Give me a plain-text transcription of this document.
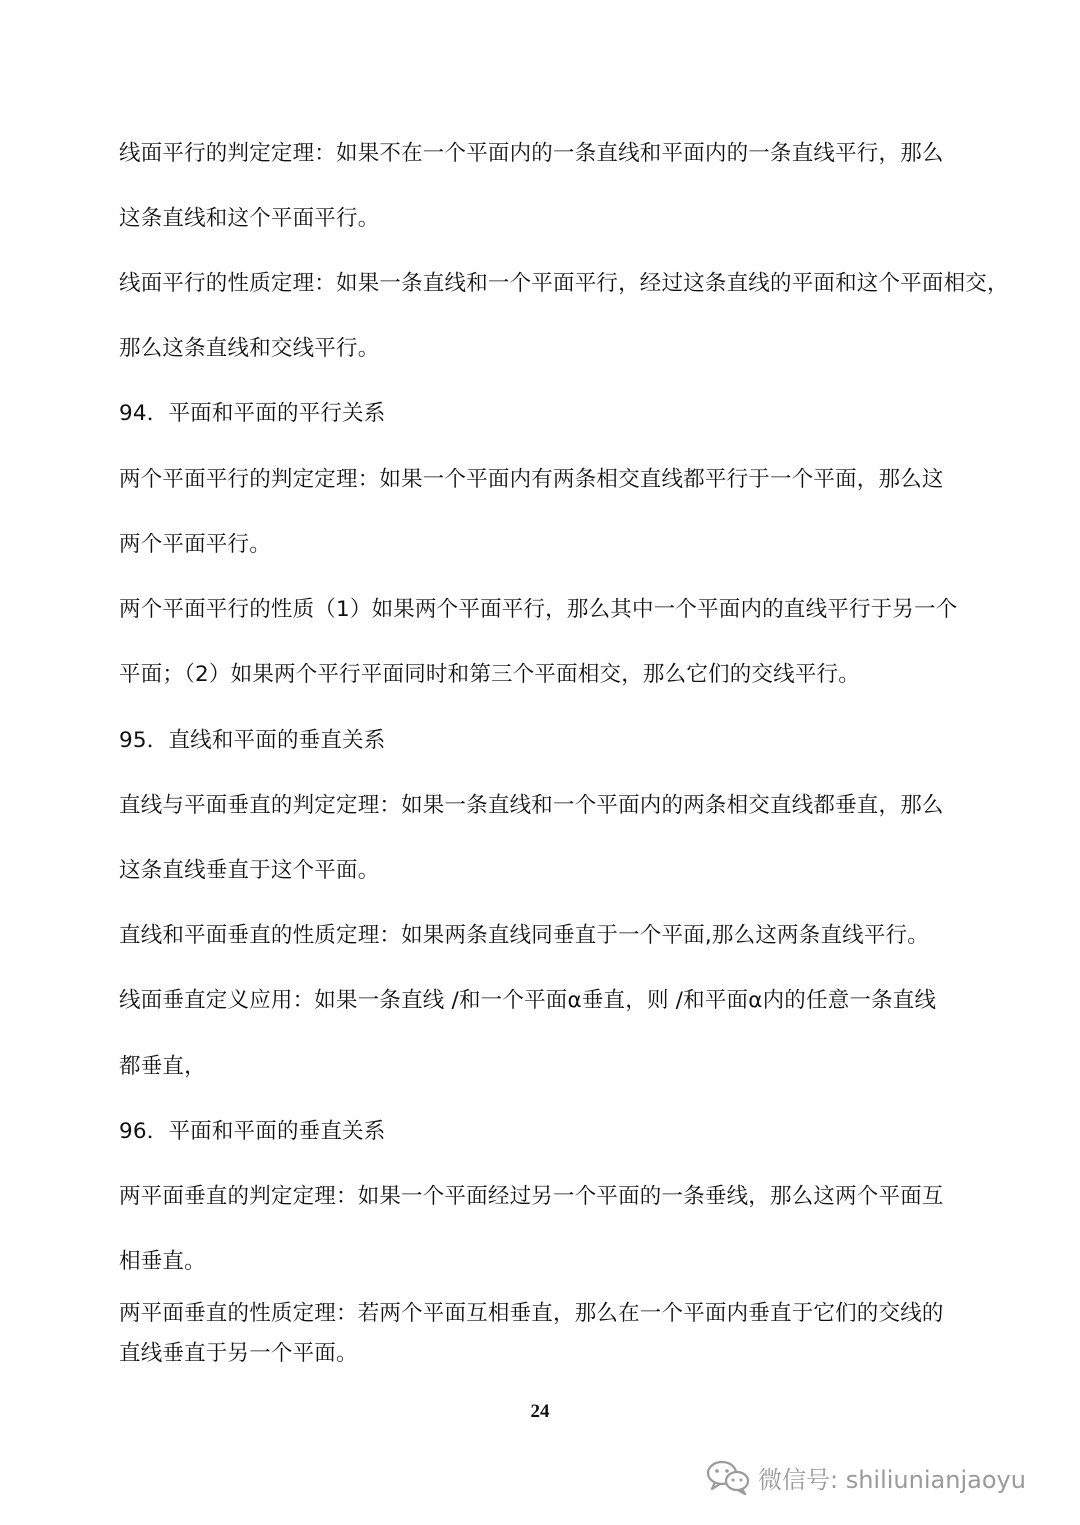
线面平行的判定定理：如果不在一个平面内的一条直线和平面内的一条直线平行，那么
这条直线和这个平面平行。
线面平行的性质定理：如果一条直线和一个平面平行，经过这条直线的平面和这个平面相交，
那么这条直线和交线平行。
94．平面和平面的平行关系
两个平面平行的判定定理：如果一个平面内有两条相交直线都平行于一个平面，那么这
两个平面平行。
两个平面平行的性质（1）如果两个平面平行，那么其中一个平面内的直线平行于另一个
平面；（2）如果两个平行平面同时和第三个平面相交，那么它们的交线平行。
95．直线和平面的垂直关系
直线与平面垂直的判定定理：如果一条直线和一个平面内的两条相交直线都垂直，那么
这条直线垂直于这个平面。
直线和平面垂直的性质定理：如果两条直线同垂直于一个平面,那么这两条直线平行。
线面垂直定义应用：如果一条直线 /和一个平面α垂直，则 /和平面α内的任意一条直线
都垂直，
96．平面和平面的垂直关系
两平面垂直的判定定理：如果一个平面经过另一个平面的一条垂线，那么这两个平面互
相垂直。
两平面垂直的性质定理：若两个平面互相垂直，那么在一个平面内垂直于它们的交线的
直线垂直于另一个平面。
24
微信号: shiliunianjaoyu
